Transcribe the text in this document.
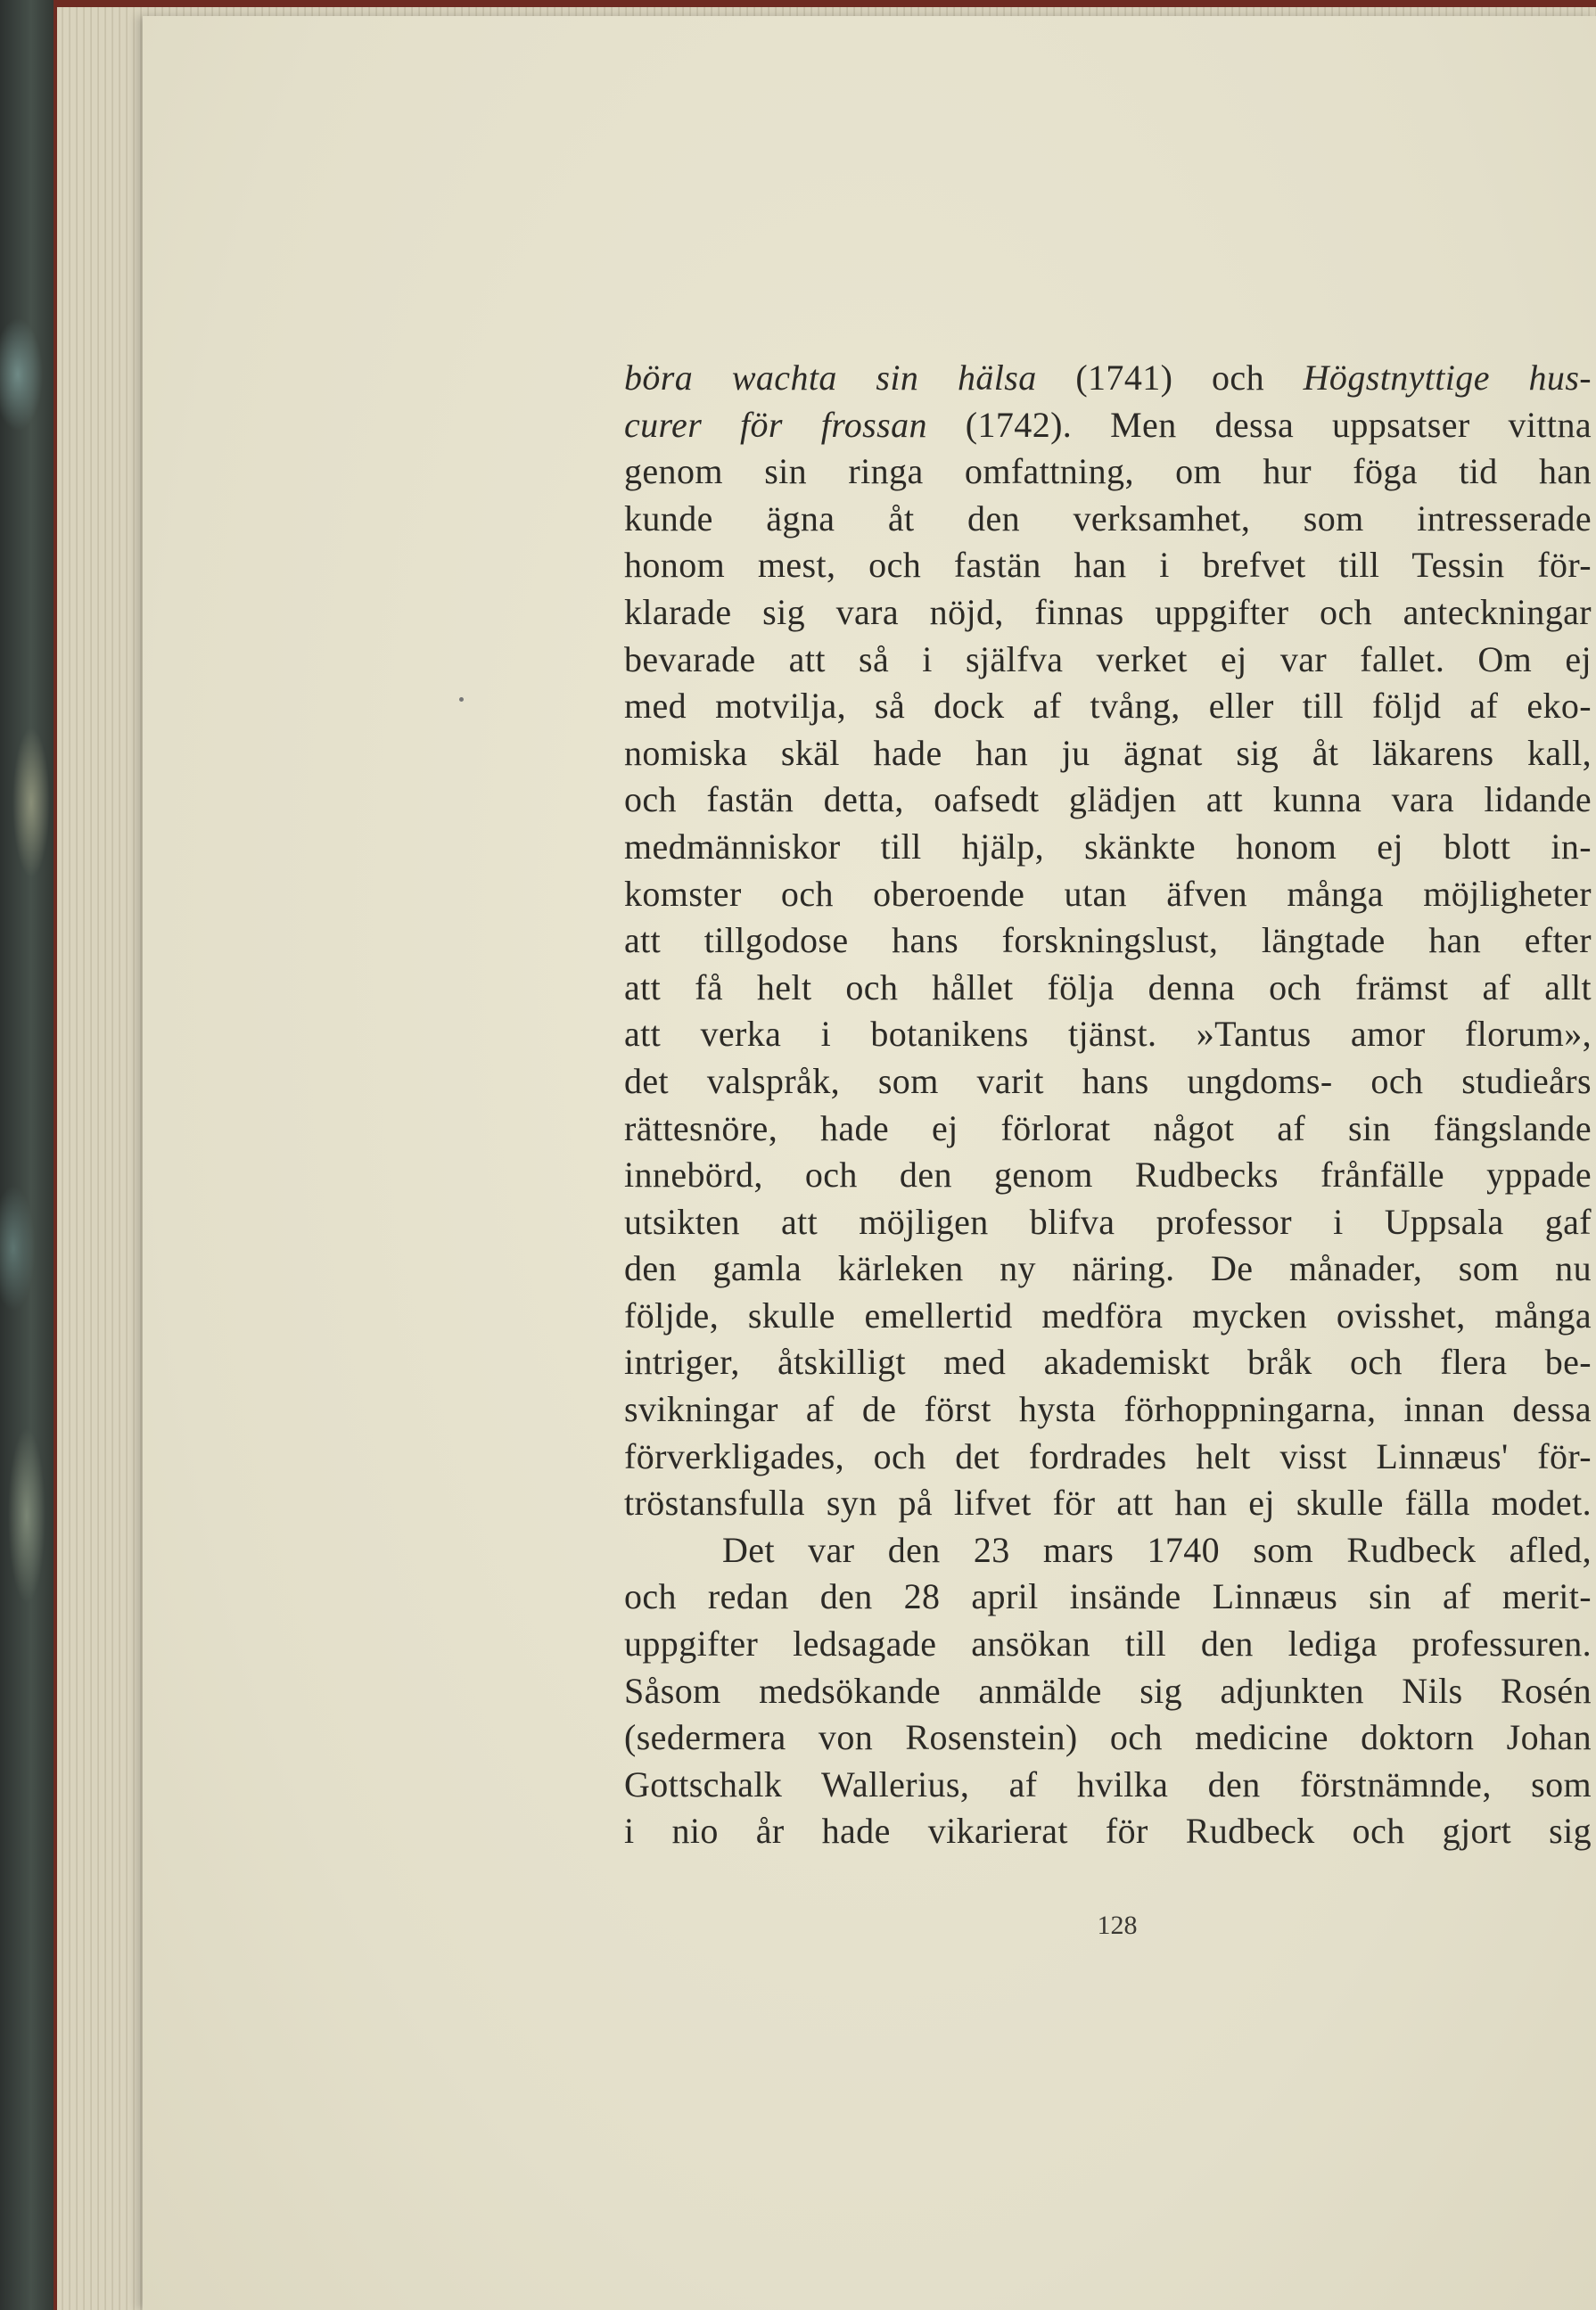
böra wachta sin hälsa (1741) och Högstnyttige hus-
curer för frossan (1742). Men dessa uppsatser vittna
genom sin ringa omfattning, om hur föga tid han
kunde ägna åt den verksamhet, som intresserade
honom mest, och fastän han i brefvet till Tessin för-
klarade sig vara nöjd, finnas uppgifter och anteckningar
bevarade att så i själfva verket ej var fallet. Om ej
med motvilja, så dock af tvång, eller till följd af eko-
nomiska skäl hade han ju ägnat sig åt läkarens kall,
och fastän detta, oafsedt glädjen att kunna vara lidande
medmänniskor till hjälp, skänkte honom ej blott in-
komster och oberoende utan äfven många möjligheter
att tillgodose hans forskningslust, längtade han efter
att få helt och hållet följa denna och främst af allt
att verka i botanikens tjänst. »Tantus amor florum»,
det valspråk, som varit hans ungdoms- och studieårs
rättesnöre, hade ej förlorat något af sin fängslande
innebörd, och den genom Rudbecks frånfälle yppade
utsikten att möjligen blifva professor i Uppsala gaf
den gamla kärleken ny näring. De månader, som nu
följde, skulle emellertid medföra mycken ovisshet, många
intriger, åtskilligt med akademiskt bråk och flera be-
svikningar af de först hysta förhoppningarna, innan dessa
förverkligades, och det fordrades helt visst Linnæus' för-
tröstansfulla syn på lifvet för att han ej skulle fälla modet.
Det var den 23 mars 1740 som Rudbeck afled,
och redan den 28 april insände Linnæus sin af merit-
uppgifter ledsagade ansökan till den lediga professuren.
Såsom medsökande anmälde sig adjunkten Nils Rosén
(sedermera von Rosenstein) och medicine doktorn Johan
Gottschalk Wallerius, af hvilka den förstnämnde, som
i nio år hade vikarierat för Rudbeck och gjort sig
128
